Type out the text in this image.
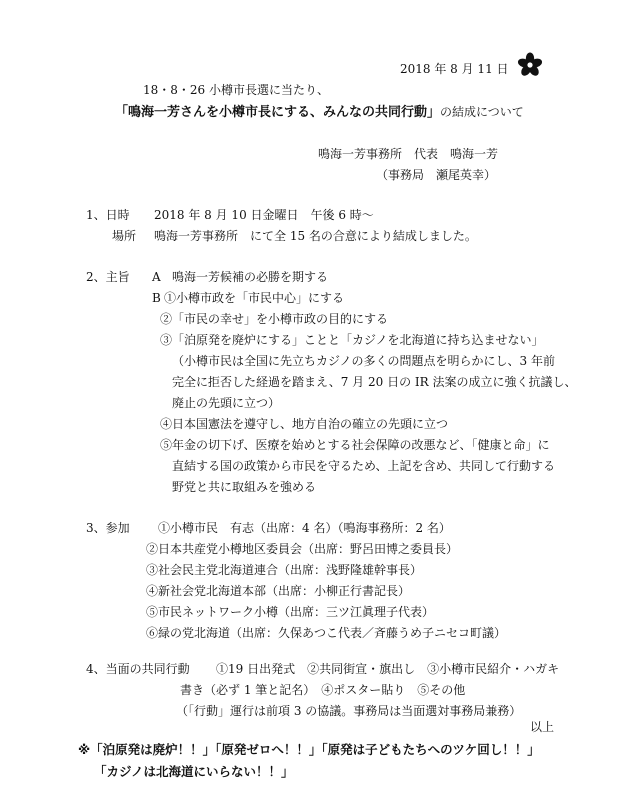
2018 年 8 月 11 日
18・8・26 小樽市長選に当たり、
「鳴海一芳さんを小樽市長にする、みんなの共同行動」の結成について
鳴海一芳事務所　代表　鳴海一芳
（事務局　瀬尾英幸）
1、日時 2018 年 8 月 10 日金曜日　午後 6 時～
場所 鳴海一芳事務所　にて全 15 名の合意により結成しました。
2、主旨 A 鳴海一芳候補の必勝を期する
B ①小樽市政を「市民中心」にする
②「市民の幸せ」を小樽市政の目的にする
③「泊原発を廃炉にする」ことと「カジノを北海道に持ち込ませない」
（小樽市民は全国に先立ちカジノの多くの問題点を明らかにし、3 年前
完全に拒否した経過を踏まえ、7 月 20 日の IR 法案の成立に強く抗議し、
廃止の先頭に立つ）
④日本国憲法を遵守し、地方自治の確立の先頭に立つ
⑤年金の切下げ、医療を始めとする社会保障の改悪など、「健康と命」に
直結する国の政策から市民を守るため、上記を含め、共同して行動する
野党と共に取組みを強める
3、参加 ①小樽市民　有志（出席：4 名）（鳴海事務所：2 名）
②日本共産党小樽地区委員会（出席：野呂田博之委員長）
③社会民主党北海道連合（出席：浅野隆雄幹事長）
④新社会党北海道本部（出席：小柳正行書記長）
⑤市民ネットワーク小樽（出席：三ツ江眞理子代表）
⑥緑の党北海道（出席：久保あつこ代表／斉藤うめ子ニセコ町議）
4、当面の共同行動 ①19 日出発式　②共同街宣・旗出し　③小樽市民紹介・ハガキ
書き（必ず 1 筆と記名）　④ポスター貼り　⑤その他
（「行動」運行は前項 3 の協議。事務局は当面選対事務局兼務）
以上
※「泊原発は廃炉！！」「原発ゼロへ！！」「原発は子どもたちへのツケ回し！！」
「カジノは北海道にいらない！！」
